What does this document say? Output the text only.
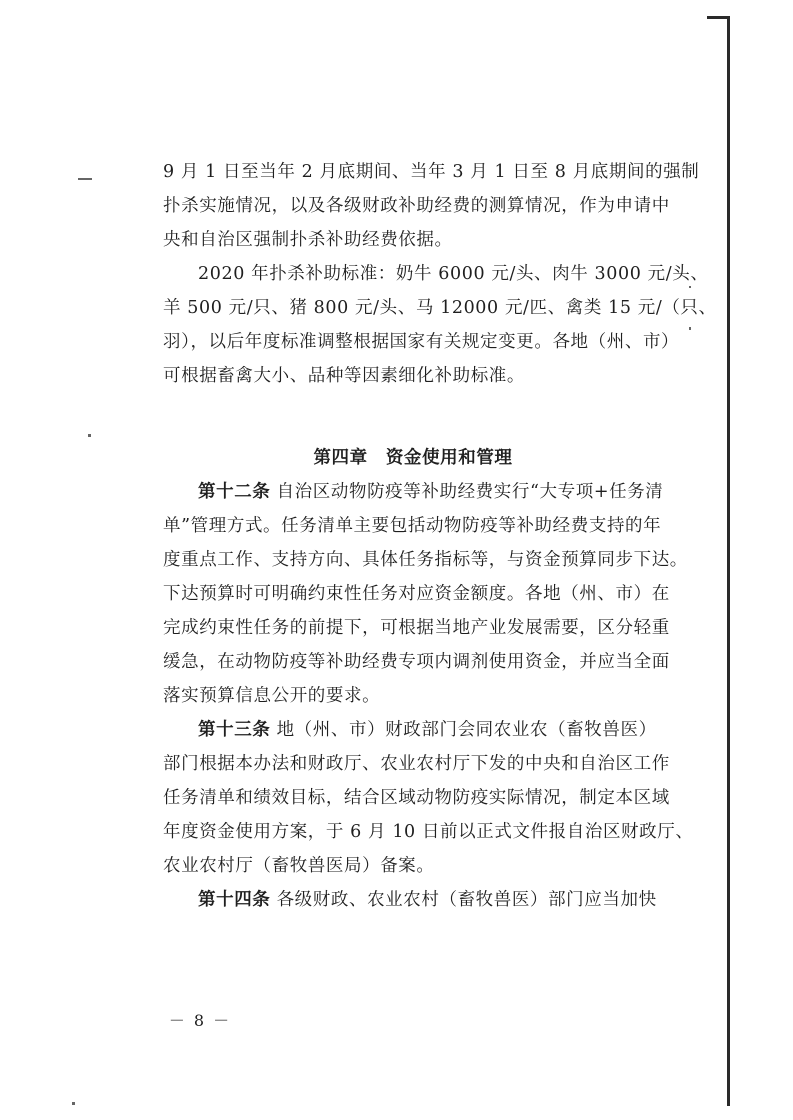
9 月 1 日至当年 2 月底期间、当年 3 月 1 日至 8 月底期间的强制
扑杀实施情况，以及各级财政补助经费的测算情况，作为申请中
央和自治区强制扑杀补助经费依据。
2020 年扑杀补助标准：奶牛 6000 元/头、肉牛 3000 元/头、
羊 500 元/只、猪 800 元/头、马 12000 元/匹、禽类 15 元/（只、
羽），以后年度标准调整根据国家有关规定变更。各地（州、市）
可根据畜禽大小、品种等因素细化补助标准。
第四章　资金使用和管理
第十二条 自治区动物防疫等补助经费实行“大专项+任务清
单”管理方式。任务清单主要包括动物防疫等补助经费支持的年
度重点工作、支持方向、具体任务指标等，与资金预算同步下达。
下达预算时可明确约束性任务对应资金额度。各地（州、市）在
完成约束性任务的前提下，可根据当地产业发展需要，区分轻重
缓急，在动物防疫等补助经费专项内调剂使用资金，并应当全面
落实预算信息公开的要求。
第十三条 地（州、市）财政部门会同农业农（畜牧兽医）
部门根据本办法和财政厅、农业农村厅下发的中央和自治区工作
任务清单和绩效目标，结合区域动物防疫实际情况，制定本区域
年度资金使用方案，于 6 月 10 日前以正式文件报自治区财政厅、
农业农村厅（畜牧兽医局）备案。
第十四条 各级财政、农业农村（畜牧兽医）部门应当加快
－ 8 －
